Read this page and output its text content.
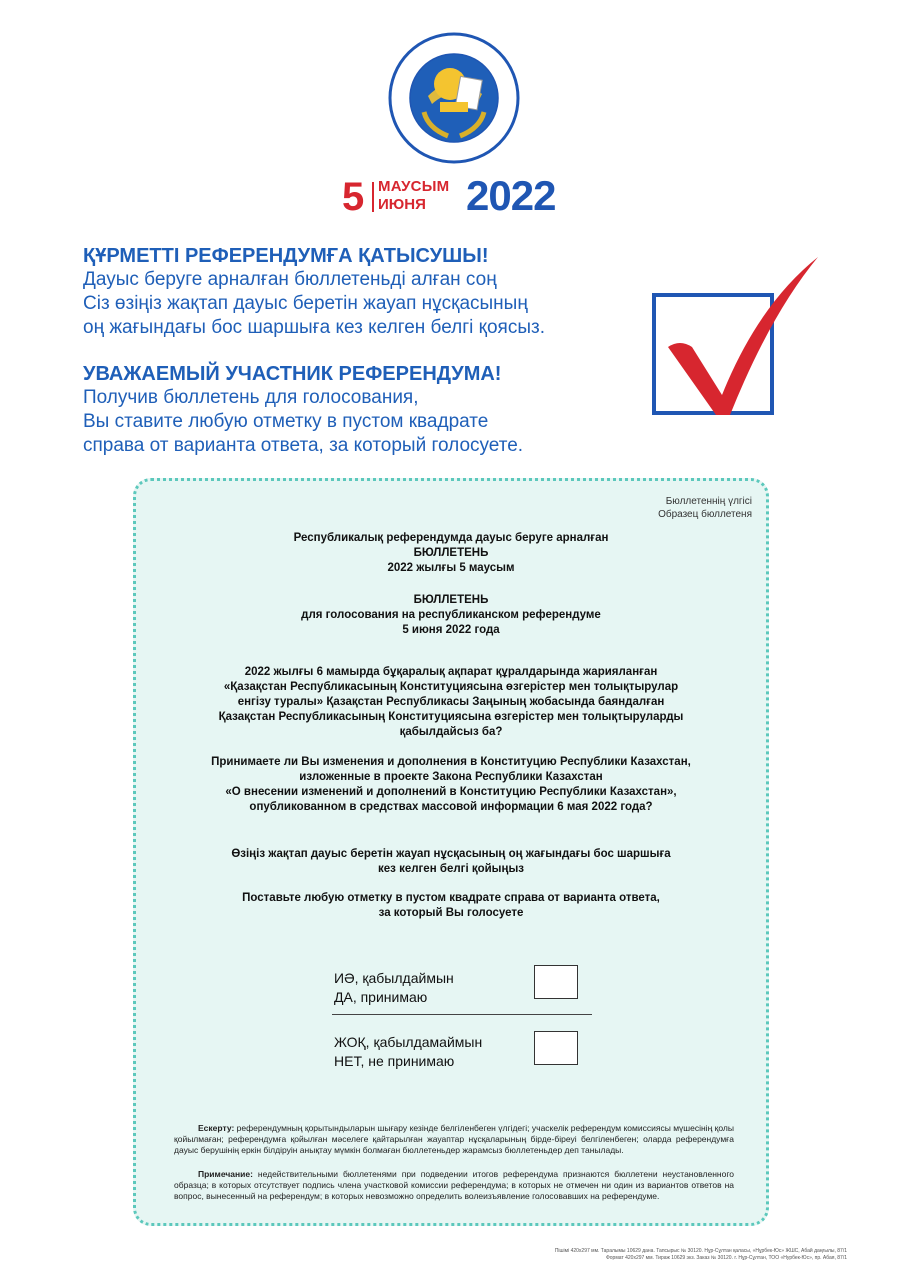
5 МАУСЫМ
ИЮНЯ 2022
ҚҰРМЕТТІ РЕФЕРЕНДУМҒА ҚАТЫСУШЫ!
Дауыс беруге арналған бюллетеньді алған соң
Сіз өзіңіз жақтап дауыс беретін жауап нұсқасының
оң жағындағы бос шаршыға кез келген белгі қоясыз.
УВАЖАЕМЫЙ УЧАСТНИК РЕФЕРЕНДУМА!
Получив бюллетень для голосования,
Вы ставите любую отметку в пустом квадрате
справа от варианта ответа, за который голосуете.
Бюллетеннің үлгісі
Образец бюллетеня
Республикалық референдумда дауыс беруге арналған
БЮЛЛЕТЕНЬ
2022 жылғы 5 маусым
БЮЛЛЕТЕНЬ
для голосования на республиканском референдуме
5 июня 2022 года
2022 жылғы 6 мамырда бұқаралық ақпарат құралдарында жарияланған
«Қазақстан Республикасының Конституциясына өзгерістер мен толықтырулар
енгізу туралы» Қазақстан Республикасы Заңының жобасында баяндалған
Қазақстан Республикасының Конституциясына өзгерістер мен толықтыруларды
қабылдайсыз ба?
Принимаете ли Вы изменения и дополнения в Конституцию Республики Казахстан,
изложенные в проекте Закона Республики Казахстан
«О внесении изменений и дополнений в Конституцию Республики Казахстан»,
опубликованном в средствах массовой информации 6 мая 2022 года?
Өзіңіз жақтап дауыс беретін жауап нұсқасының оң жағындағы бос шаршыға
кез келген белгі қойыңыз
Поставьте любую отметку в пустом квадрате справа от варианта ответа,
за который Вы голосуете
ИӘ, қабылдаймын
ДА, принимаю
ЖОҚ, қабылдамаймын
НЕТ, не принимаю
Ескерту: референдумның қорытындыларын шығару кезінде белгіленбеген үлгідегі; учаскелік референдум комиссиясы мүшесінің қолы қойылмаған; референдумға қойылған мәселеге қайтарылған жауаптар нұсқаларының бірде-біреуі белгіленбеген; оларда референдумға дауыс берушінің еркін білдіруін анықтау мүмкін болмаған бюллетеньдер жарамсыз бюллетеньдер деп танылады.
Примечание: недействительными бюллетенями при подведении итогов референдума признаются бюллетени неустановленного образца; в которых отсутствует подпись члена участковой комиссии референдума; в которых не отмечен ни один из вариантов ответов на вопрос, вынесенный на референдум; в которых невозможно определить волеизъявление голосовавших на референдуме.
Пішімі 420х297 мм. Таралымы 10629 дана. Тапсырыс № 30120. Нұр-Сұлтан қаласы, «Нұрбек-Юс» ЖШС, Абай даңғылы, 87/1
Формат 420х297 мм. Тираж 10629 экз. Заказ № 30120. г. Нұр-Сұлтан, ТОО «Нурбек-Юс», пр. Абая, 87/1
